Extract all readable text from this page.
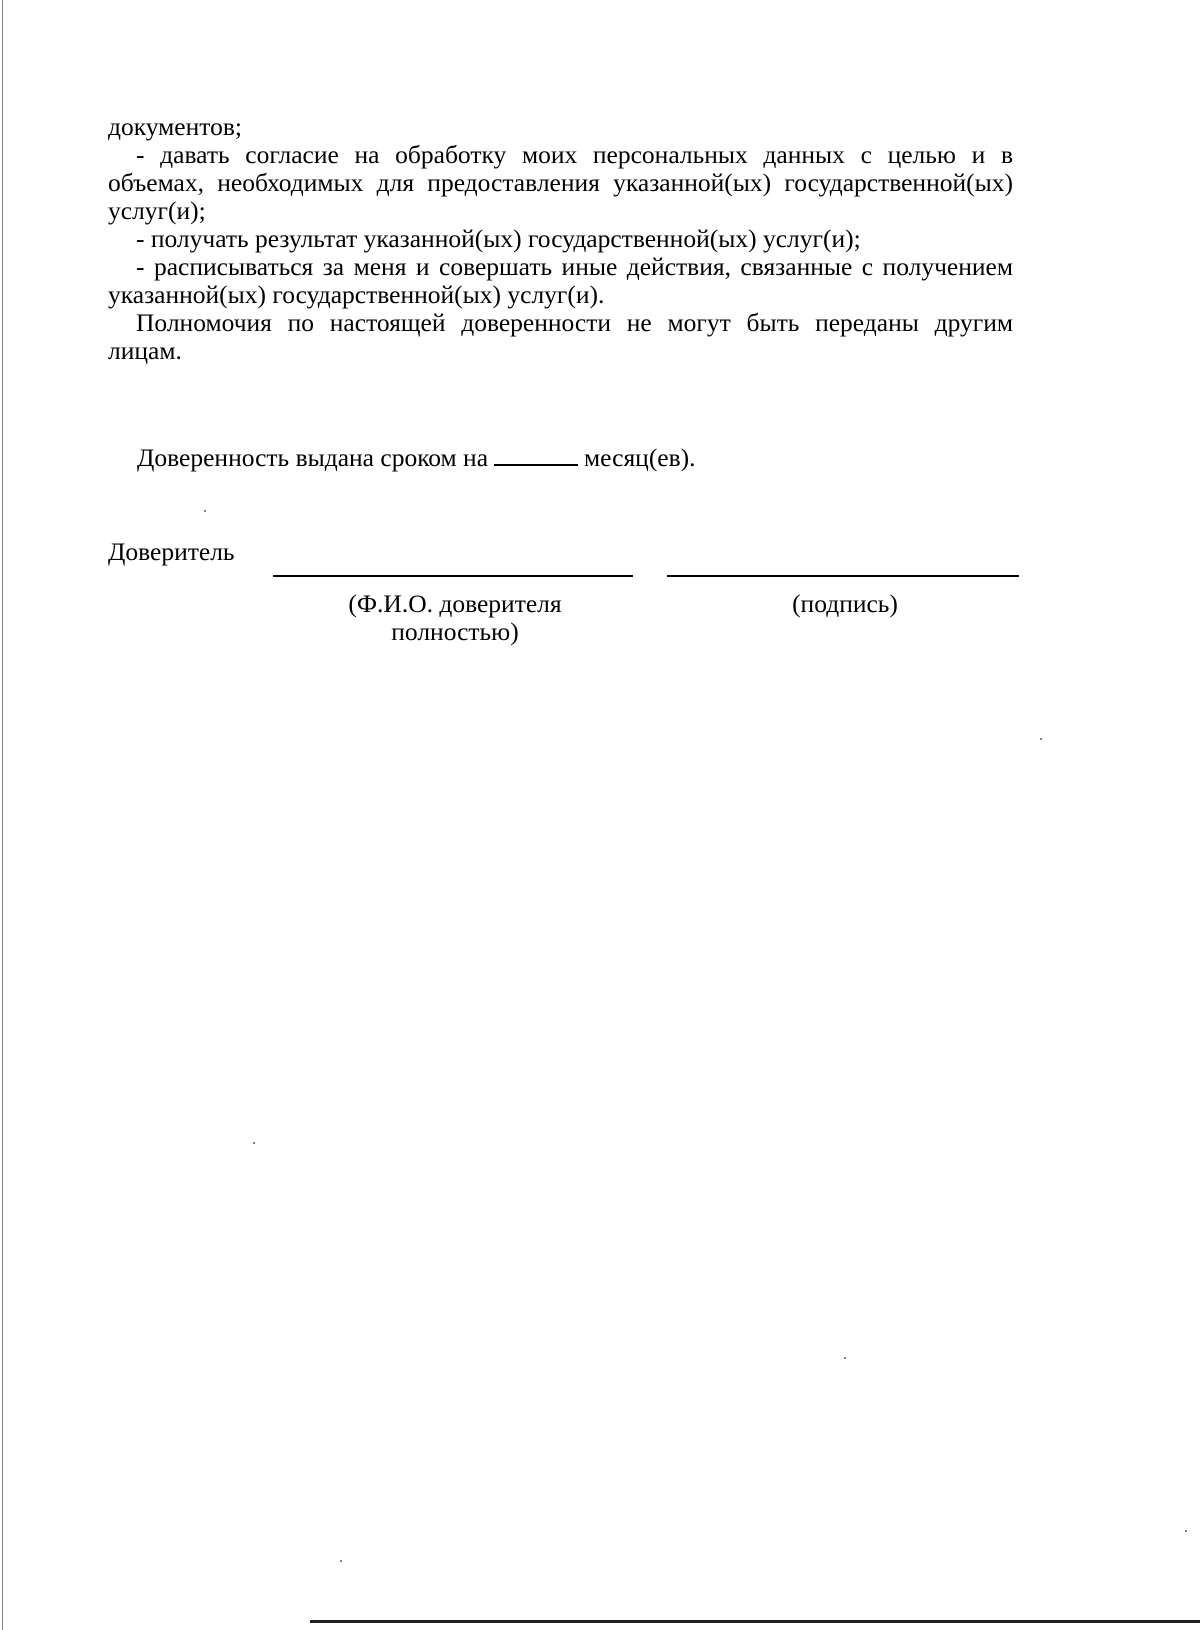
документов;

- давать согласие на обработку моих персональных данных с целью и в объемах, необходимых для предоставления указанной(ых) государственной(ых) услуг(и);

- получать результат указанной(ых) государственной(ых) услуг(и);

- расписываться за меня и совершать иные действия, связанные с получением указанной(ых) государственной(ых) услуг(и).

Полномочия по настоящей доверенности не могут быть переданы другим лицам.

Доверенность выдана сроком на	месяц(ев).
Доверитель
(Ф.И.О. доверителя полностью)
(подпись)
